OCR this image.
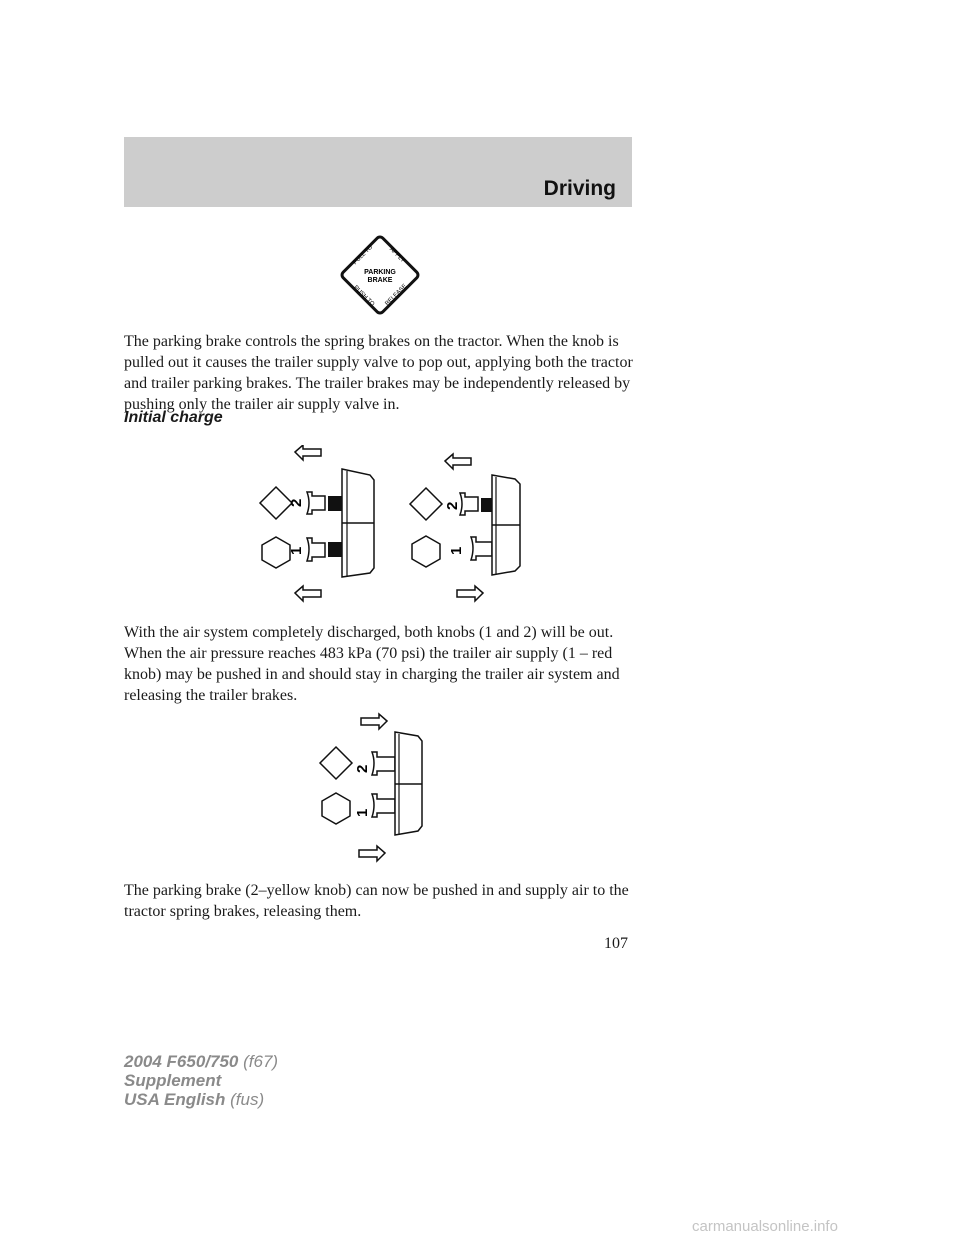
Driving
PULL TO APPLY
PARKING
BRAKE
PUSH TO RELEASE

The parking brake controls the spring brakes on the tractor. When the knob is pulled out it causes the trailer supply valve to pop out, applying both the tractor and trailer parking brakes. The trailer brakes may be independently released by pushing only the trailer air supply valve in.

Initial charge
2
1
2
1

With the air system completely discharged, both knobs (1 and 2) will be out. When the air pressure reaches 483 kPa (70 psi) the trailer air supply (1 – red knob) may be pushed in and should stay in charging the trailer air system and releasing the trailer brakes.

2
1

The parking brake (2–yellow knob) can now be pushed in and supply air to the tractor spring brakes, releasing them.

107
2004 F650/750 (f67)
Supplement
USA English (fus)
carmanualsonline.info
